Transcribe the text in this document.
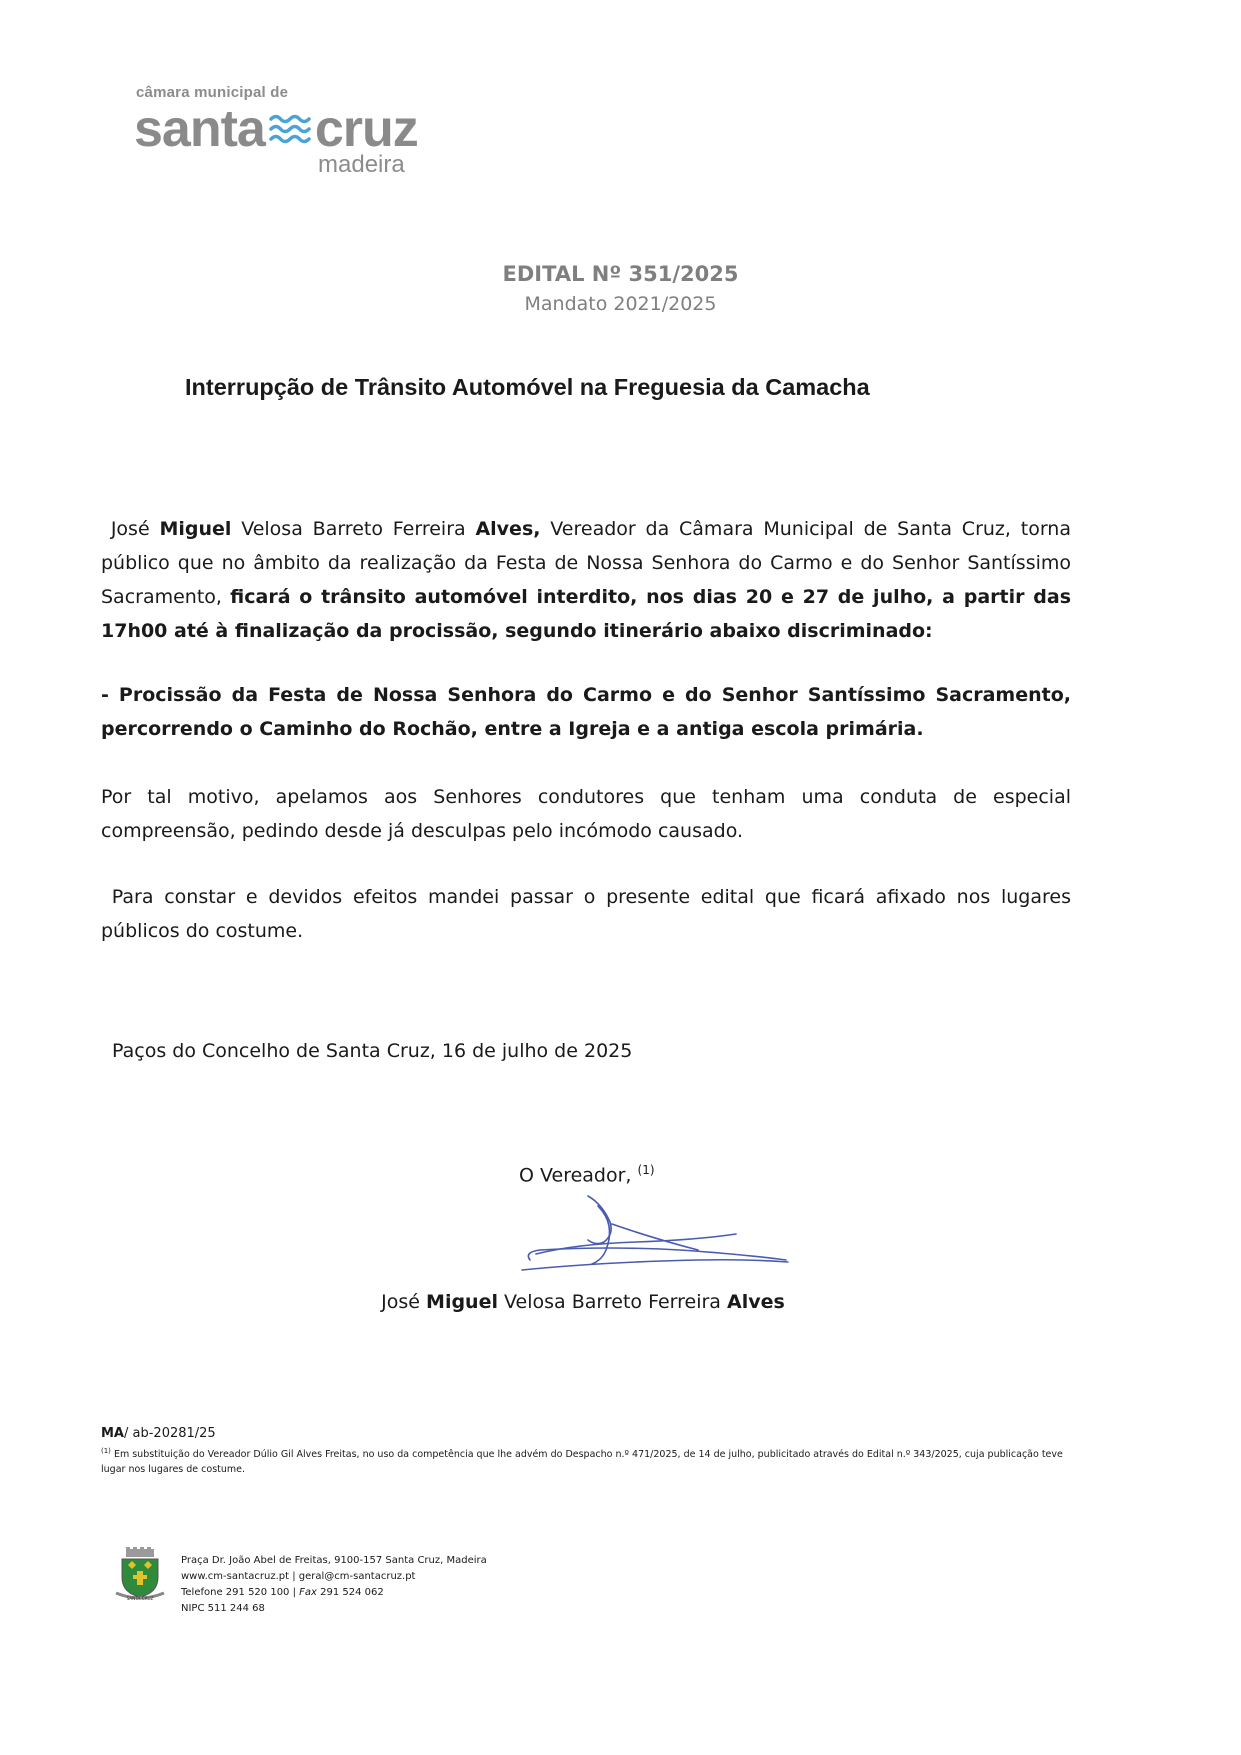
câmara municipal de
santa cruz
madeira
EDITAL Nº 351/2025
Mandato 2021/2025
Interrupção de Trânsito Automóvel na Freguesia da Camacha
José Miguel Velosa Barreto Ferreira Alves, Vereador da Câmara Municipal de Santa Cruz, torna público que no âmbito da realização da Festa de Nossa Senhora do Carmo e do Senhor Santíssimo Sacramento, ficará o trânsito automóvel interdito, nos dias 20 e 27 de julho, a partir das 17h00 até à finalização da procissão, segundo itinerário abaixo discriminado:
- Procissão da Festa de Nossa Senhora do Carmo e do Senhor Santíssimo Sacramento, percorrendo o Caminho do Rochão, entre a Igreja e a antiga escola primária.
Por tal motivo, apelamos aos Senhores condutores que tenham uma conduta de especial compreensão, pedindo desde já desculpas pelo incómodo causado.
Para constar e devidos efeitos mandei passar o presente edital que ficará afixado nos lugares públicos do costume.
Paços do Concelho de Santa Cruz, 16 de julho de 2025
O Vereador, $^{(1)}$
José Miguel Velosa Barreto Ferreira Alves
MA/ ab-20281/25
$^{(1)}$ Em substituição do Vereador Dúlio Gil Alves Freitas, no uso da competência que lhe advém do Despacho n.º 471/2025, de 14 de julho, publicitado através do Edital n.º 343/2025, cuja publicação teve lugar nos lugares de costume.
SANTA CRUZ
Praça Dr. João Abel de Freitas, 9100-157 Santa Cruz, Madeira
www.cm-santacruz.pt | geral@cm-santacruz.pt
Telefone 291 520 100 | Fax 291 524 062
NIPC 511 244 68
